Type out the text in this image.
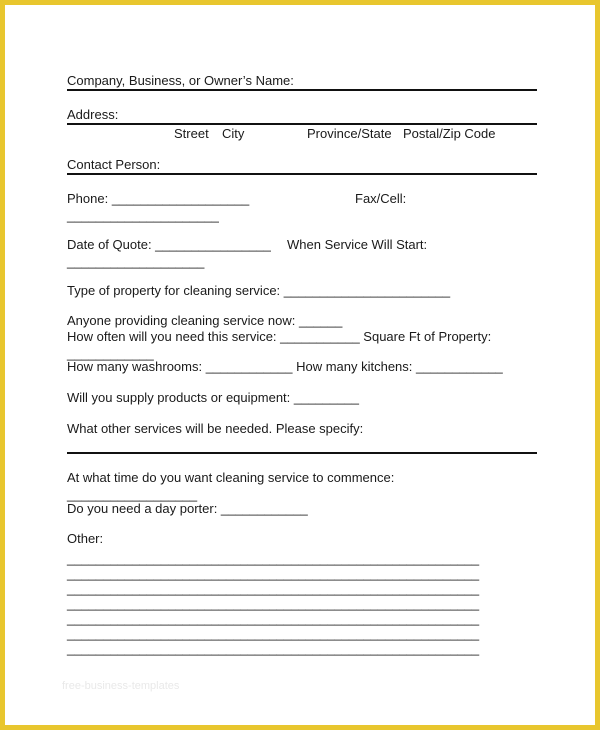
Company, Business, or Owner’s Name:
Address:
Street City	Province/State Postal/Zip Code
Contact Person:
Phone: ___________________	Fax/Cell:
_____________________
Date of Quote: ________________ When Service Will Start:
___________________
Type of property for cleaning service: _______________________
Anyone providing cleaning service now: ______
How often will you need this service: ___________ Square Ft of Property:
____________
How many washrooms: ____________ How many kitchens: ____________
Will you supply products or equipment: _________
What other services will be needed. Please specify:
At what time do you want cleaning service to commence:
__________________
Do you need a day porter: ____________
Other:
_________________________________________________________
_________________________________________________________
_________________________________________________________
_________________________________________________________
_________________________________________________________
_________________________________________________________
_________________________________________________________
free-business-templates
